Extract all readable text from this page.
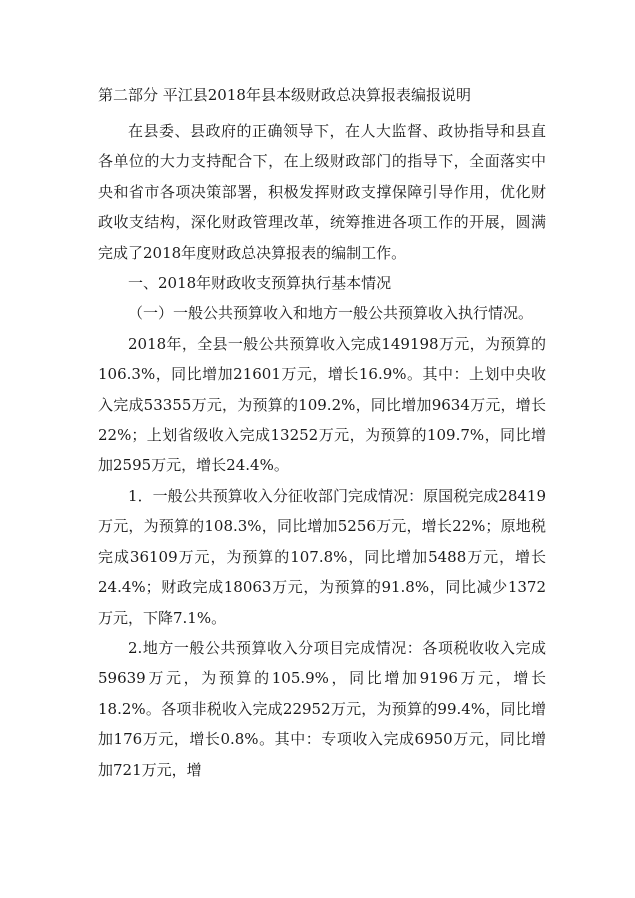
第二部分 平江县2018年县本级财政总决算报表编报说明

在县委、县政府的正确领导下，在人大监督、政协指导和县直各单位的大力支持配合下，在上级财政部门的指导下，全面落实中央和省市各项决策部署，积极发挥财政支撑保障引导作用，优化财政收支结构，深化财政管理改革，统筹推进各项工作的开展，圆满完成了2018年度财政总决算报表的编制工作。

一、2018年财政收支预算执行基本情况

（一）一般公共预算收入和地方一般公共预算收入执行情况。

2018年，全县一般公共预算收入完成149198万元，为预算的106.3%，同比增加21601万元，增长16.9%。其中：上划中央收入完成53355万元，为预算的109.2%，同比增加9634万元，增长22%；上划省级收入完成13252万元，为预算的109.7%，同比增加2595万元，增长24.4%。

1．一般公共预算收入分征收部门完成情况：原国税完成28419万元，为预算的108.3%，同比增加5256万元，增长22%；原地税完成36109万元，为预算的107.8%，同比增加5488万元，增长24.4%；财政完成18063万元，为预算的91.8%，同比减少1372万元，下降7.1%。

2.地方一般公共预算收入分项目完成情况：各项税收收入完成59639万元，为预算的105.9%，同比增加9196万元，增长18.2%。各项非税收入完成22952万元，为预算的99.4%，同比增加176万元，增长0.8%。其中：专项收入完成6950万元，同比增加721万元，增
